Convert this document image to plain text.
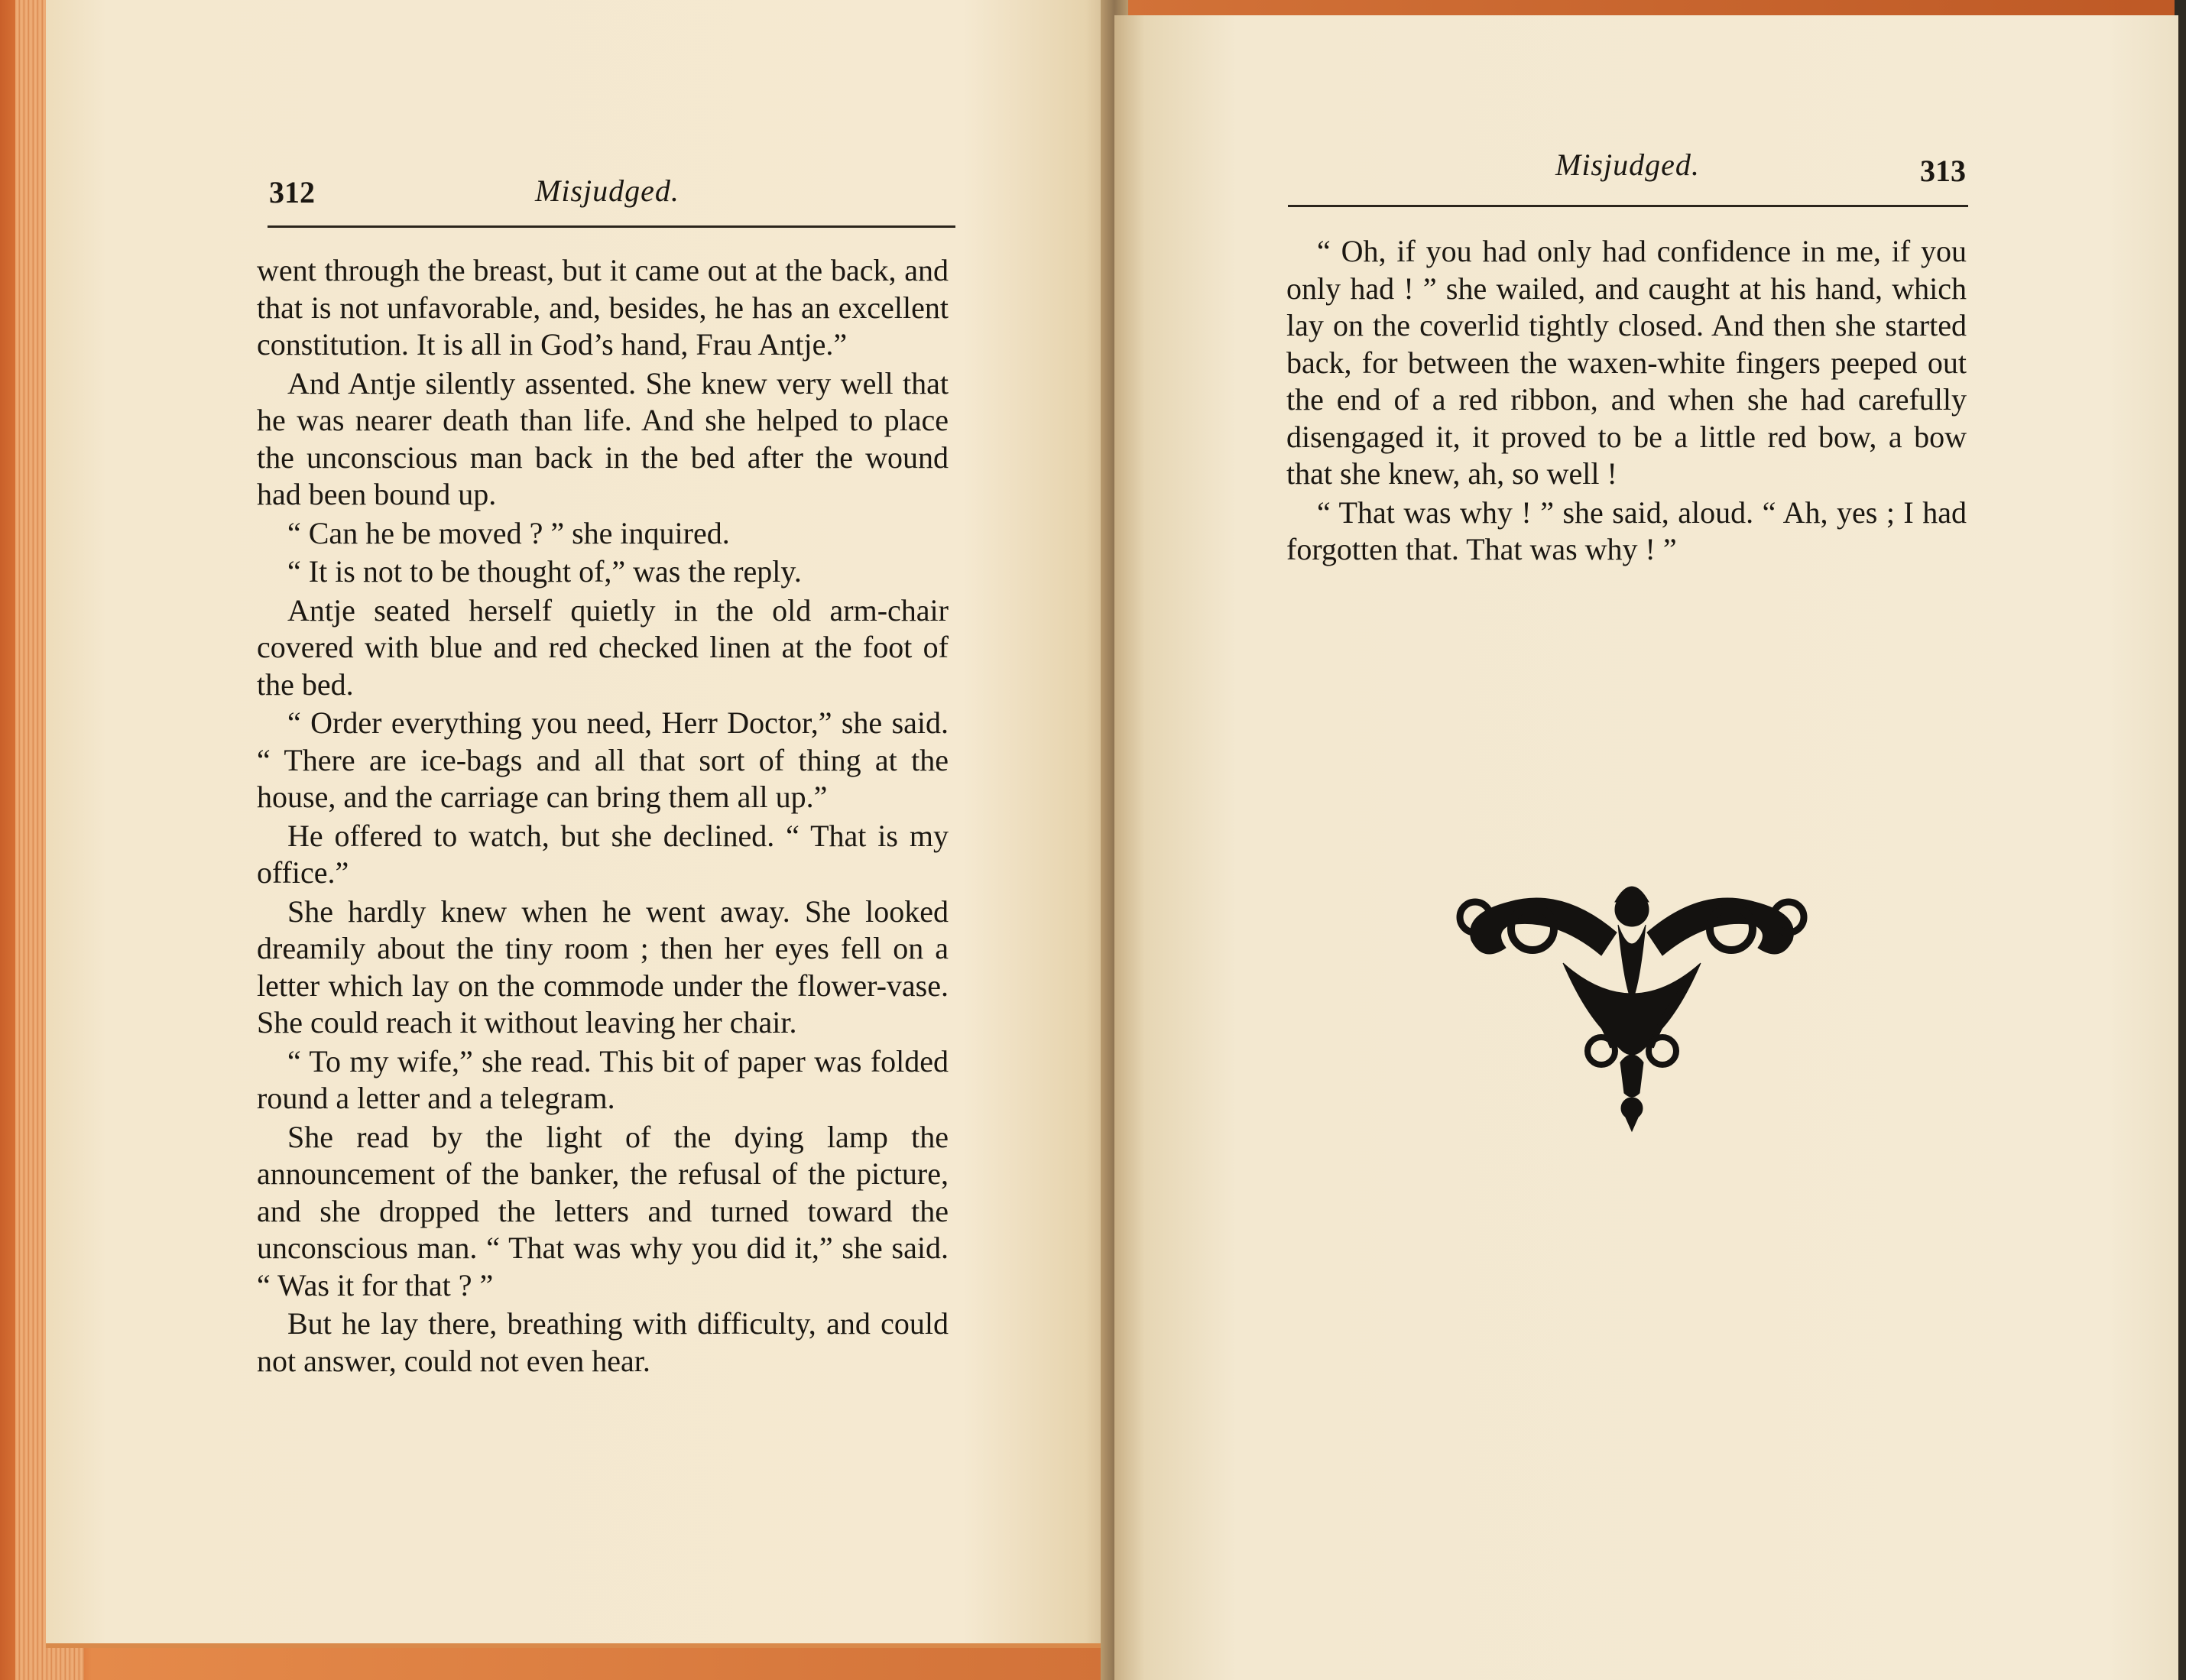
312	Misjudged.

went through the breast, but it came out at the back, and that is not unfavorable, and, besides, he has an excellent constitution. It is all in God’s hand, Frau Antje.”

And Antje silently assented. She knew very well that he was nearer death than life. And she helped to place the unconscious man back in the bed after the wound had been bound up.

“ Can he be moved ? ” she inquired.

“ It is not to be thought of,” was the reply.

Antje seated herself quietly in the old arm-chair covered with blue and red checked linen at the foot of the bed.

“ Order everything you need, Herr Doctor,” she said. “ There are ice-bags and all that sort of thing at the house, and the carriage can bring them all up.”

He offered to watch, but she declined. “ That is my office.”

She hardly knew when he went away. She looked dreamily about the tiny room ; then her eyes fell on a letter which lay on the commode under the flower-vase. She could reach it without leaving her chair.

“ To my wife,” she read. This bit of paper was folded round a letter and a telegram.

She read by the light of the dying lamp the announcement of the banker, the refusal of the picture, and she dropped the letters and turned toward the unconscious man. “ That was why you did it,” she said. “ Was it for that ? ”

But he lay there, breathing with difficulty, and could not answer, could not even hear.

Misjudged.	313

“ Oh, if you had only had confidence in me, if you only had ! ” she wailed, and caught at his hand, which lay on the coverlid tightly closed. And then she started back, for between the waxen-white fingers peeped out the end of a red ribbon, and when she had carefully disengaged it, it proved to be a little red bow, a bow that she knew, ah, so well !

“ That was why ! ” she said, aloud. “ Ah, yes ; I had forgotten that. That was why ! ”
